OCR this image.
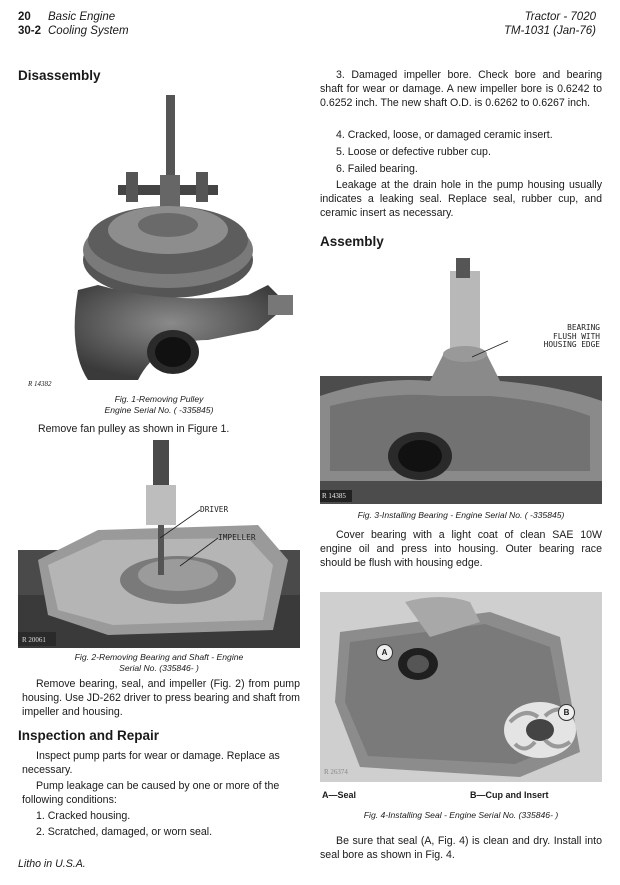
20 Basic Engine
30-2 Cooling System
Tractor - 7020
TM-1031 (Jan-76)
Disassembly
R 14382
Fig. 1-Removing Pulley
Engine Serial No. ( -335845)

Remove fan pulley as shown in Figure 1.

R 20061
DRIVER
IMPELLER
Fig. 2-Removing Bearing and Shaft - Engine
Serial No. (335846- )

Remove bearing, seal, and impeller (Fig. 2) from pump housing. Use JD-262 driver to press bearing and shaft from impeller and housing.

Inspection and Repair

Inspect pump parts for wear or damage. Replace as necessary.

Pump leakage can be caused by one or more of the following conditions:

1. Cracked housing.

2. Scratched, damaged, or worn seal.

Litho in U.S.A.

3. Damaged impeller bore. Check bore and bearing shaft for wear or damage. A new impeller bore is 0.6242 to 0.6252 inch. The new shaft O.D. is 0.6262 to 0.6267 inch.

4. Cracked, loose, or damaged ceramic insert.

5. Loose or defective rubber cup.

6. Failed bearing.

Leakage at the drain hole in the pump housing usually indicates a leaking seal. Replace seal, rubber cup, and ceramic insert as necessary.

Assembly
R 14385
BEARING
FLUSH WITH
HOUSING EDGE
Fig. 3-Installing Bearing - Engine Serial No. ( -335845)

Cover bearing with a light coat of clean SAE 10W engine oil and press into housing. Outer bearing race should be flush with housing edge.

A
B
R 26374
A—Seal	B—Cup and Insert
Fig. 4-Installing Seal - Engine Serial No. (335846- )

Be sure that seal (A, Fig. 4) is clean and dry. Install into seal bore as shown in Fig. 4.
